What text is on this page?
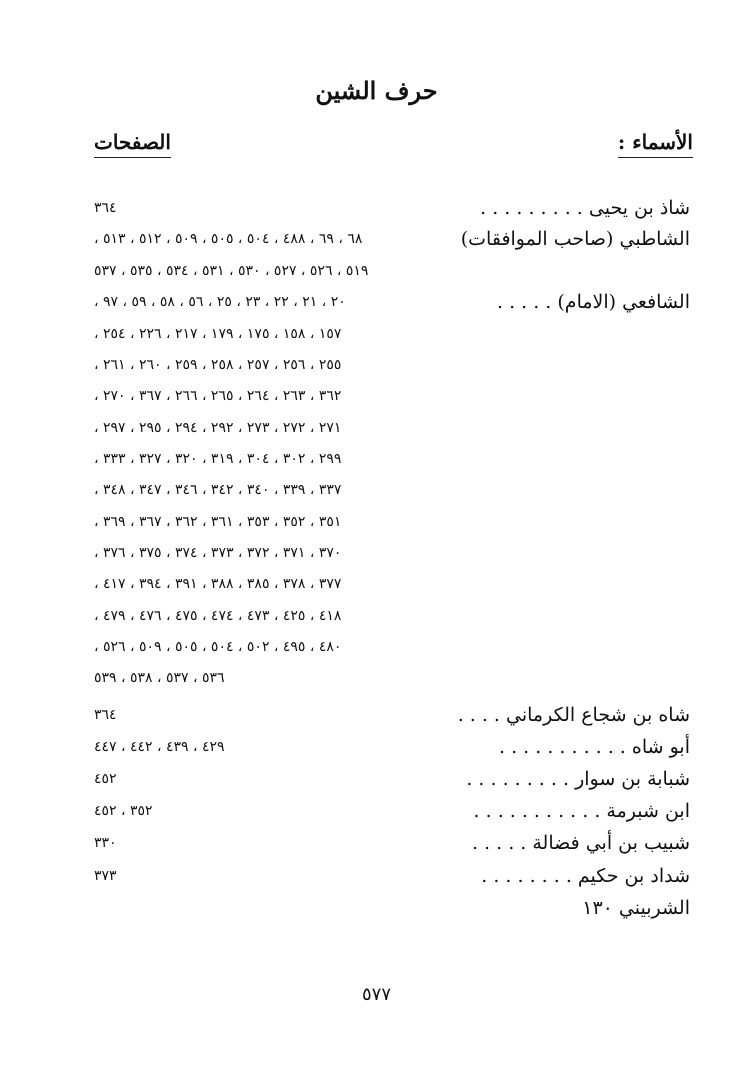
حرف الشين
الأسماء :
الصفحات
شاذ بن يحيى . . . . . . . . .
٣٦٤
الشاطبي (صاحب الموافقات)
٦٨ ، ٦٩ ، ٤٨٨ ، ٥٠٤ ، ٥٠٥ ، ٥٠٩ ، ٥١٢ ، ٥١٣ ،
٥١٩ ، ٥٢٦ ، ٥٢٧ ، ٥٣٠ ، ٥٣١ ، ٥٣٤ ، ٥٣٥ ، ٥٣٧
الشافعي (الامام) . . . . .
٢٠ ، ٢١ ، ٢٢ ، ٢٣ ، ٢٥ ، ٥٦ ، ٥٨ ، ٥٩ ، ٩٧ ،
١٥٧ ، ١٥٨ ، ١٧٥ ، ١٧٩ ، ٢١٧ ، ٢٢٦ ، ٢٥٤ ،
٢٥٥ ، ٢٥٦ ، ٢٥٧ ، ٢٥٨ ، ٢٥٩ ، ٢٦٠ ، ٢٦١ ،
٣٦٢ ، ٢٦٣ ، ٢٦٤ ، ٢٦٥ ، ٢٦٦ ، ٣٦٧ ، ٢٧٠ ،
٢٧١ ، ٢٧٢ ، ٢٧٣ ، ٢٩٢ ، ٢٩٤ ، ٢٩٥ ، ٢٩٧ ،
٢٩٩ ، ٣٠٢ ، ٣٠٤ ، ٣١٩ ، ٣٢٠ ، ٣٢٧ ، ٣٣٣ ،
٣٣٧ ، ٣٣٩ ، ٣٤٠ ، ٣٤٢ ، ٣٤٦ ، ٣٤٧ ، ٣٤٨ ،
٣٥١ ، ٣٥٢ ، ٣٥٣ ، ٣٦١ ، ٣٦٢ ، ٣٦٧ ، ٣٦٩ ،
٣٧٠ ، ٣٧١ ، ٣٧٢ ، ٣٧٣ ، ٣٧٤ ، ٣٧٥ ، ٣٧٦ ،
٣٧٧ ، ٣٧٨ ، ٣٨٥ ، ٣٨٨ ، ٣٩١ ، ٣٩٤ ، ٤١٧ ،
٤١٨ ، ٤٢٥ ، ٤٧٣ ، ٤٧٤ ، ٤٧٥ ، ٤٧٦ ، ٤٧٩ ،
٤٨٠ ، ٤٩٥ ، ٥٠٢ ، ٥٠٤ ، ٥٠٥ ، ٥٠٩ ، ٥٢٦ ،
٥٣٦ ، ٥٣٧ ، ٥٣٨ ، ٥٣٩
شاه بن شجاع الكرماني . . . .
٣٦٤
أبو شاه . . . . . . . . . . .
٤٢٩ ، ٤٣٩ ، ٤٤٢ ، ٤٤٧
شبابة بن سوار . . . . . . . . .
٤٥٢
ابن شبرمة . . . . . . . . . . .
٣٥٢ ، ٤٥٢
شبيب بن أبي فضالة . . . . .
٣٣٠
شداد بن حكيم . . . . . . . .
٣٧٣
الشربيني ١٣٠
٥٧٧
